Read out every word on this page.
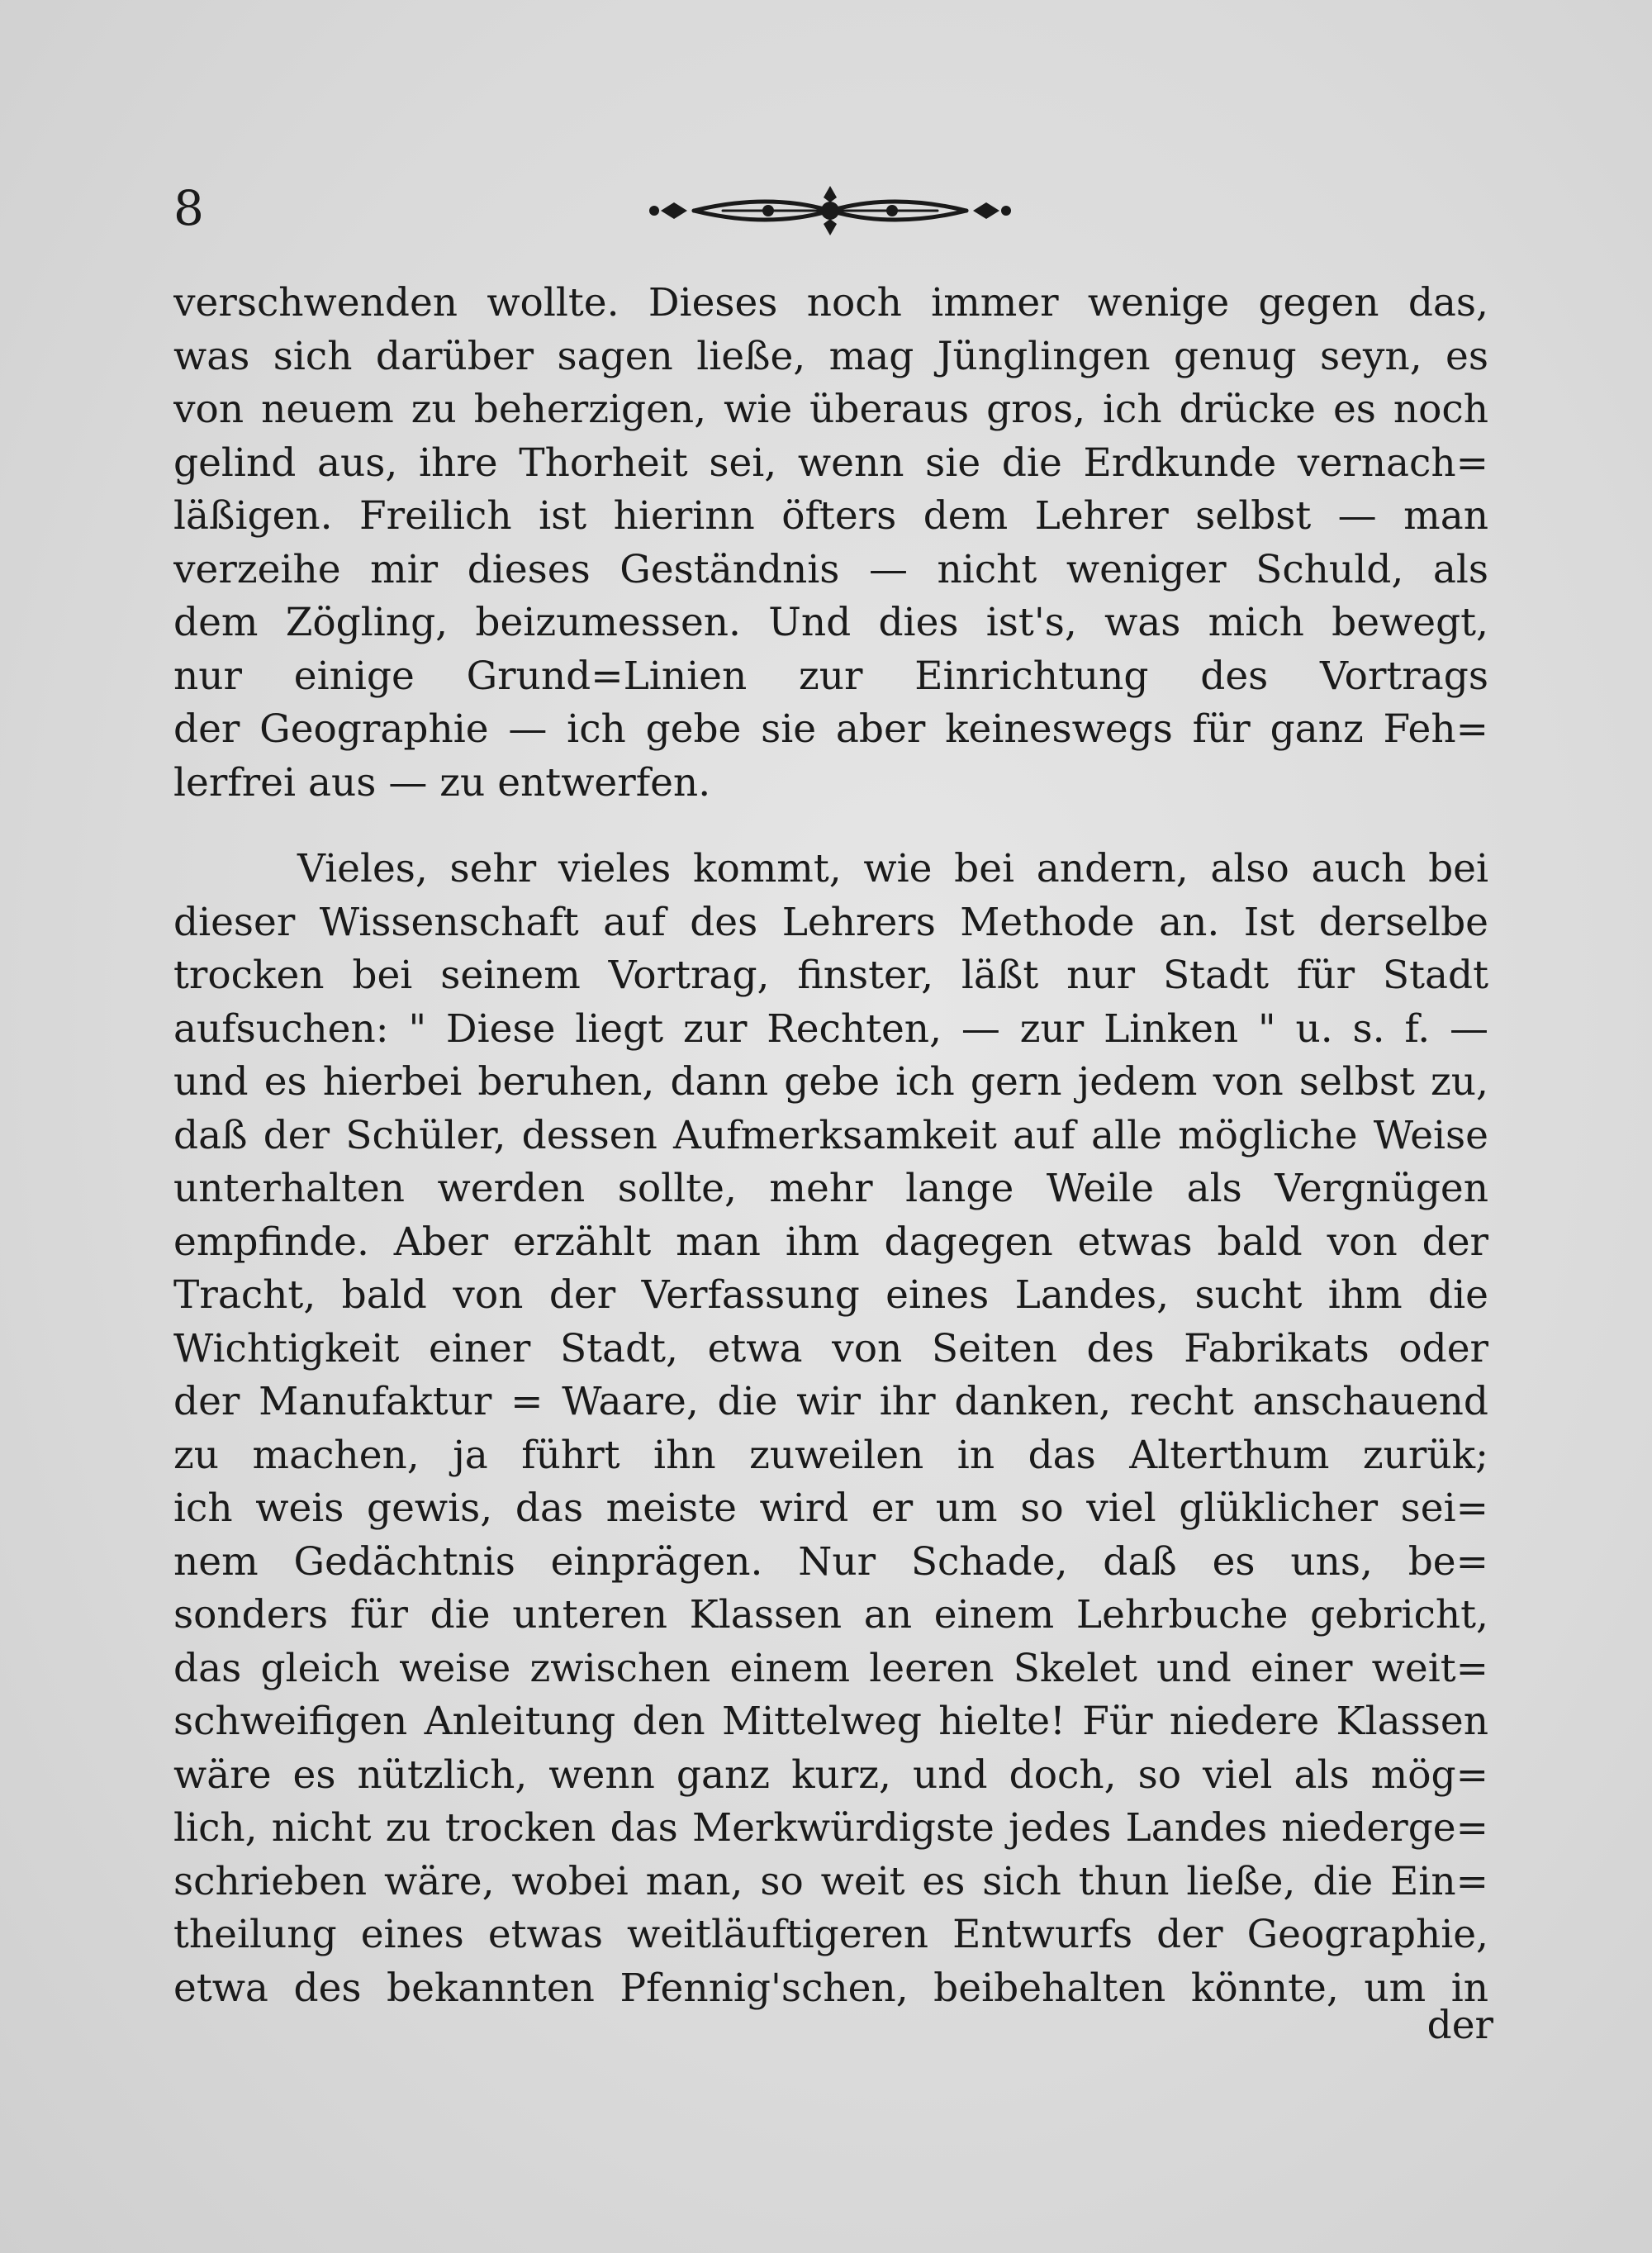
8

verschwenden wollte. Dieses noch immer wenige gegen das,
was sich darüber sagen ließe, mag Jünglingen genug seyn, es
von neuem zu beherzigen, wie überaus gros, ich drücke es noch
gelind aus, ihre Thorheit sei, wenn sie die Erdkunde vernach=
läßigen. Freilich ist hierinn öfters dem Lehrer selbst — man
verzeihe mir dieses Geständnis — nicht weniger Schuld, als
dem Zögling, beizumessen. Und dies ist's, was mich bewegt,
nur einige Grund=Linien zur Einrichtung des Vortrags
der Geographie — ich gebe sie aber keineswegs für ganz Feh=
lerfrei aus — zu entwerfen.

Vieles, sehr vieles kommt, wie bei andern, also auch bei
dieser Wissenschaft auf des Lehrers Methode an. Ist derselbe
trocken bei seinem Vortrag, finster, läßt nur Stadt für Stadt
aufsuchen: " Diese liegt zur Rechten, — zur Linken " u. s. f. —
und es hierbei beruhen, dann gebe ich gern jedem von selbst zu,
daß der Schüler, dessen Aufmerksamkeit auf alle mögliche Weise
unterhalten werden sollte, mehr lange Weile als Vergnügen
empfinde. Aber erzählt man ihm dagegen etwas bald von der
Tracht, bald von der Verfassung eines Landes, sucht ihm die
Wichtigkeit einer Stadt, etwa von Seiten des Fabrikats oder
der Manufaktur = Waare, die wir ihr danken, recht anschauend
zu machen, ja führt ihn zuweilen in das Alterthum zurük;
ich weis gewis, das meiste wird er um so viel glüklicher sei=
nem Gedächtnis einprägen. Nur Schade, daß es uns, be=
sonders für die unteren Klassen an einem Lehrbuche gebricht,
das gleich weise zwischen einem leeren Skelet und einer weit=
schweifigen Anleitung den Mittelweg hielte! Für niedere Klassen
wäre es nützlich, wenn ganz kurz, und doch, so viel als mög=
lich, nicht zu trocken das Merkwürdigste jedes Landes niederge=
schrieben wäre, wobei man, so weit es sich thun ließe, die Ein=
theilung eines etwas weitläuftigeren Entwurfs der Geographie,
etwa des bekannten Pfennig'schen, beibehalten könnte, um in

der
